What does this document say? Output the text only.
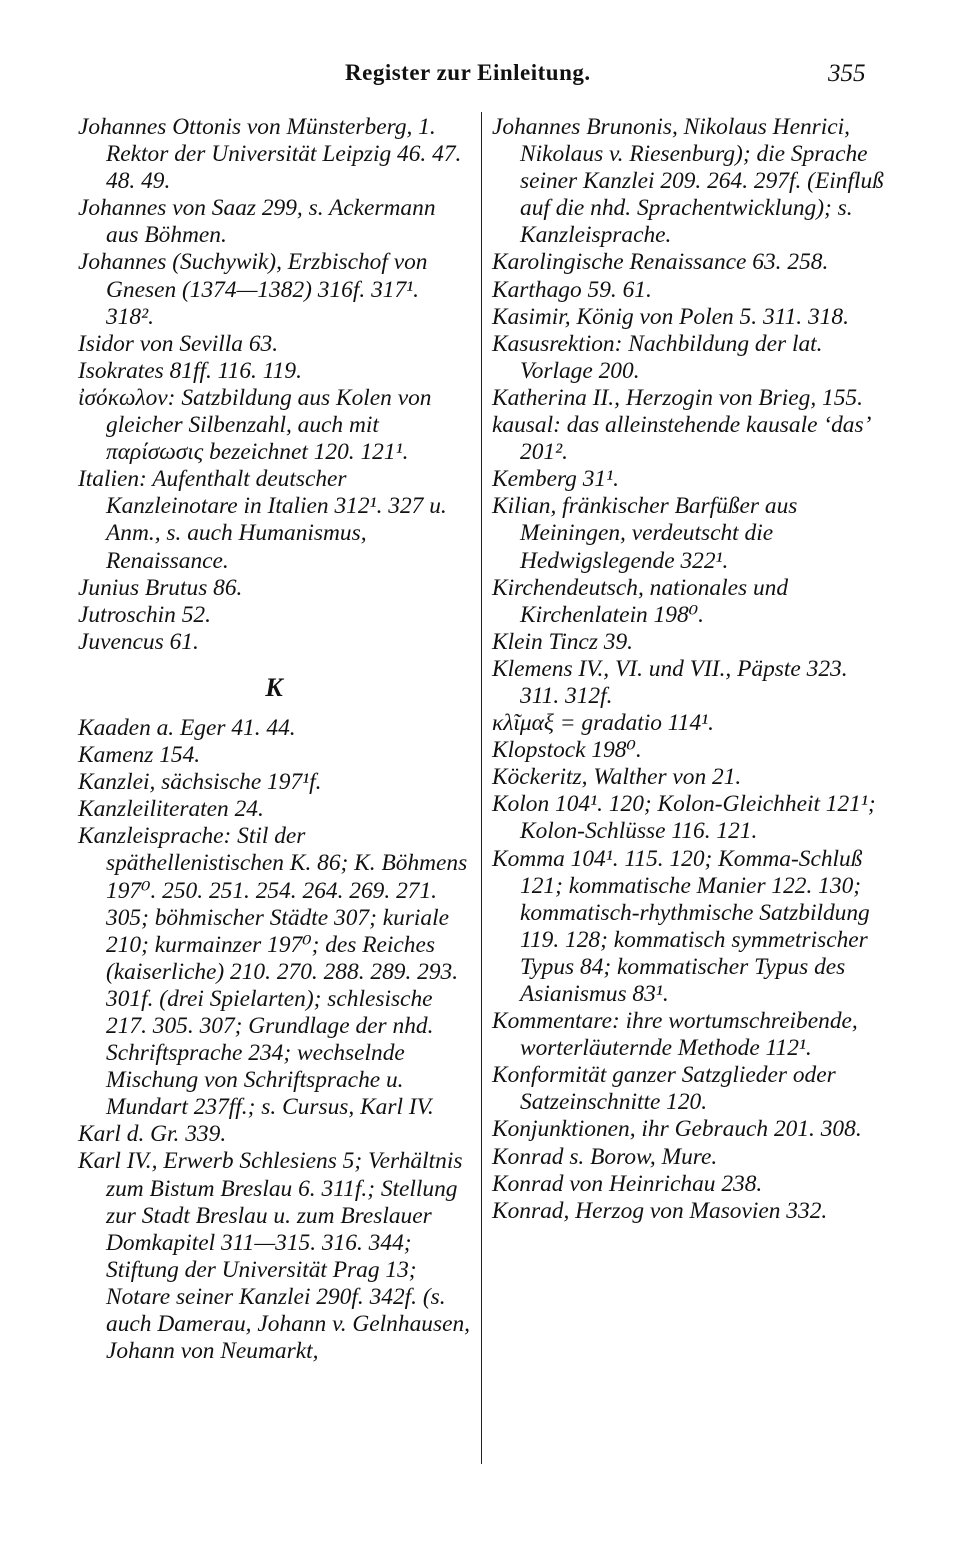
Register zur Einleitung.	355

Johannes Ottonis von Münsterberg, 1. Rektor der Universität Leipzig 46. 47. 48. 49.

Johannes von Saaz 299, s. Ackermann aus Böhmen.

Johannes (Suchywik), Erzbischof von Gnesen (1374—1382) 316f. 317¹. 318².

Isidor von Sevilla 63.

Isokrates 81ff. 116. 119.

ἰσόκωλον: Satzbildung aus Kolen von gleicher Silbenzahl, auch mit παρίσωσις bezeichnet 120. 121¹.

Italien: Aufenthalt deutscher Kanzleinotare in Italien 312¹. 327 u. Anm., s. auch Humanismus, Renaissance.

Junius Brutus 86.

Jutroschin 52.

Juvencus 61.

K

Kaaden a. Eger 41. 44.

Kamenz 154.

Kanzlei, sächsische 197¹f.

Kanzleiliteraten 24.

Kanzleisprache: Stil der späthellenistischen K. 86; K. Böhmens 197⁰. 250. 251. 254. 264. 269. 271. 305; böhmischer Städte 307; kuriale 210; kurmainzer 197⁰; des Reiches (kaiserliche) 210. 270. 288. 289. 293. 301f. (drei Spielarten); schlesische 217. 305. 307; Grundlage der nhd. Schriftsprache 234; wechselnde Mischung von Schriftsprache u. Mundart 237ff.; s. Cursus, Karl IV.

Karl d. Gr. 339.

Karl IV., Erwerb Schlesiens 5; Verhältnis zum Bistum Breslau 6. 311f.; Stellung zur Stadt Breslau u. zum Breslauer Domkapitel 311—315. 316. 344; Stiftung der Universität Prag 13; Notare seiner Kanzlei 290f. 342f. (s. auch Damerau, Johann v. Gelnhausen, Johann von Neumarkt,

Johannes Brunonis, Nikolaus Henrici, Nikolaus v. Riesenburg); die Sprache seiner Kanzlei 209. 264. 297f. (Einfluß auf die nhd. Sprachentwicklung); s. Kanzleisprache.

Karolingische Renaissance 63. 258.

Karthago 59. 61.

Kasimir, König von Polen 5. 311. 318.

Kasusrektion: Nachbildung der lat. Vorlage 200.

Katherina II., Herzogin von Brieg, 155.

kausal: das alleinstehende kausale ʻdas’ 201².

Kemberg 31¹.

Kilian, fränkischer Barfüßer aus Meiningen, verdeutscht die Hedwigslegende 322¹.

Kirchendeutsch, nationales und Kirchenlatein 198⁰.

Klein Tincz 39.

Klemens IV., VI. und VII., Päpste 323. 311. 312f.

κλῖμαξ = gradatio 114¹.

Klopstock 198⁰.

Köckeritz, Walther von 21.

Kolon 104¹. 120; Kolon-Gleichheit 121¹; Kolon-Schlüsse 116. 121.

Komma 104¹. 115. 120; Komma-Schluß 121; kommatische Manier 122. 130; kommatisch-rhythmische Satzbildung 119. 128; kommatisch symmetrischer Typus 84; kommatischer Typus des Asianismus 83¹.

Kommentare: ihre wortumschreibende, worterläuternde Methode 112¹.

Konformität ganzer Satzglieder oder Satzeinschnitte 120.

Konjunktionen, ihr Gebrauch 201. 308.

Konrad s. Borow, Mure.

Konrad von Heinrichau 238.

Konrad, Herzog von Masovien 332.
